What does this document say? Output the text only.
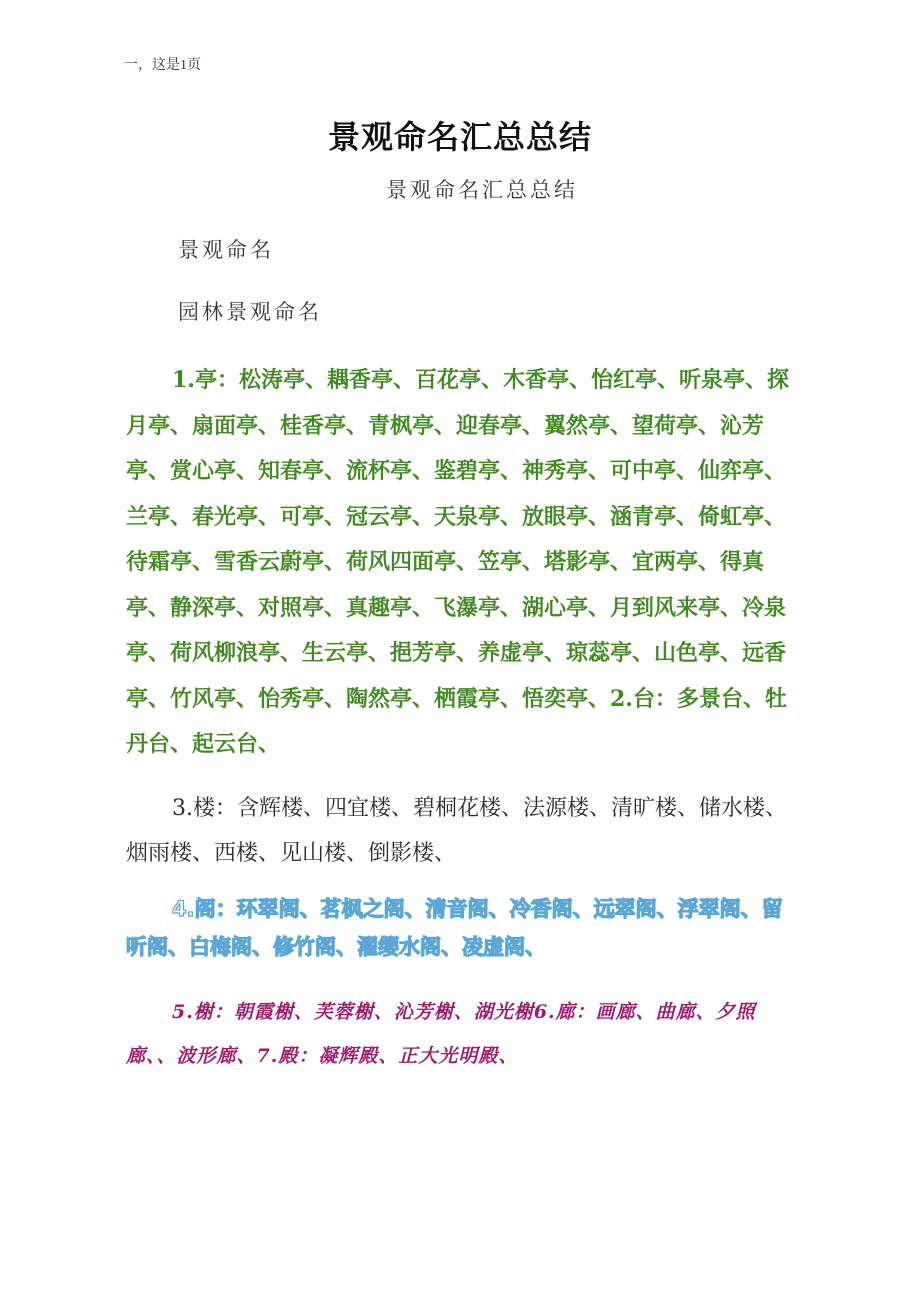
一，这是1页
景观命名汇总总结
景观命名汇总总结
景观命名
园林景观命名

1.亭：松涛亭、耦香亭、百花亭、木香亭、怡红亭、听泉亭、探月亭、扇面亭、桂香亭、青枫亭、迎春亭、翼然亭、望荷亭、沁芳亭、赏心亭、知春亭、流杯亭、鉴碧亭、神秀亭、可中亭、仙弈亭、兰亭、春光亭、可亭、冠云亭、天泉亭、放眼亭、涵青亭、倚虹亭、待霜亭、雪香云蔚亭、荷风四面亭、笠亭、塔影亭、宜两亭、得真亭、静深亭、对照亭、真趣亭、飞瀑亭、湖心亭、月到风来亭、冷泉亭、荷风柳浪亭、生云亭、挹芳亭、养虚亭、琼蕊亭、山色亭、远香亭、竹风亭、怡秀亭、陶然亭、栖霞亭、悟奕亭、2.台：多景台、牡丹台、起云台、

3.楼：含辉楼、四宜楼、碧桐花楼、法源楼、清旷楼、储水楼、烟雨楼、西楼、见山楼、倒影楼、

4.阁：环翠阁、茗枫之阁、清音阁、冷香阁、远翠阁、浮翠阁、留听阁、白梅阁、修竹阁、濯缨水阁、凌虚阁、

5.榭：朝霞榭、芙蓉榭、沁芳榭、湖光榭6.廊：画廊、曲廊、夕照廊、、波形廊、7.殿：凝辉殿、正大光明殿、
